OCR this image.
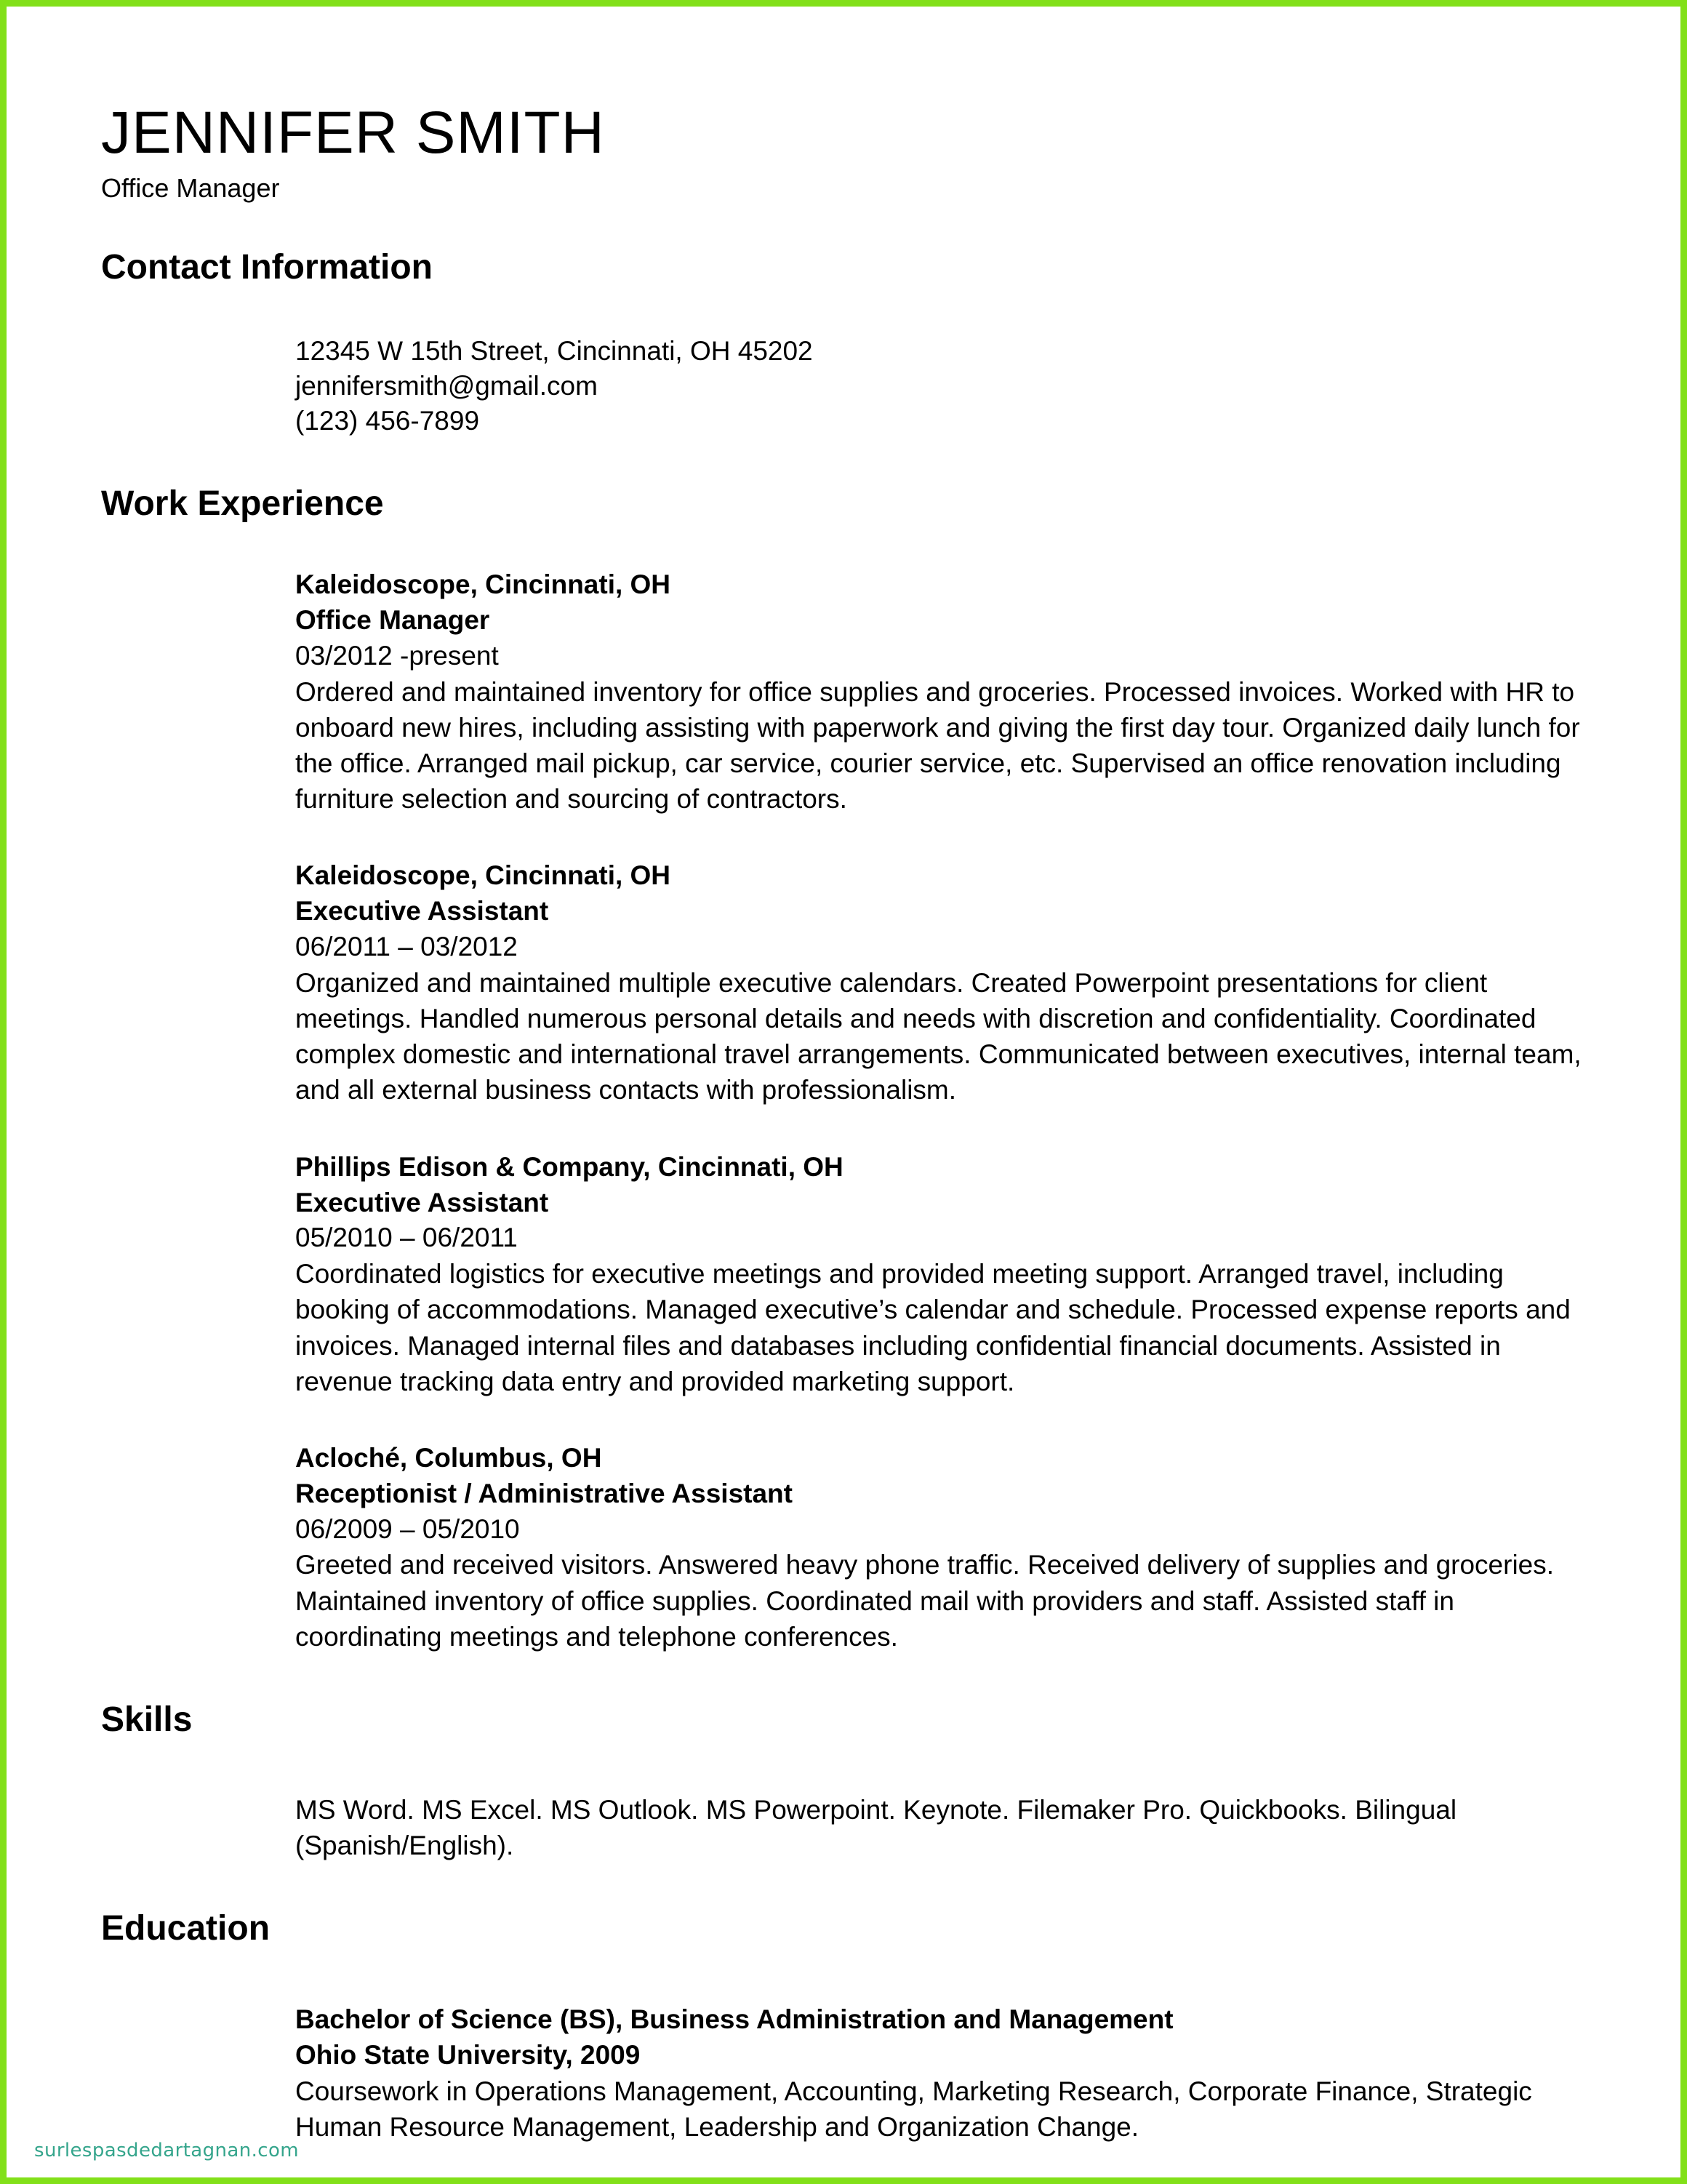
JENNIFER SMITH
Office Manager
Contact Information
12345 W 15th Street, Cincinnati, OH 45202
jennifersmith@gmail.com
(123) 456-7899
Work Experience
Kaleidoscope, Cincinnati, OH
Office Manager
03/2012 -present
Ordered and maintained inventory for office supplies and groceries. Processed invoices. Worked with HR to onboard new hires, including assisting with paperwork and giving the first day tour. Organized daily lunch for the office. Arranged mail pickup, car service, courier service, etc. Supervised an office renovation including furniture selection and sourcing of contractors.
Kaleidoscope, Cincinnati, OH
Executive Assistant
06/2011 – 03/2012
Organized and maintained multiple executive calendars. Created Powerpoint presentations for client meetings. Handled numerous personal details and needs with discretion and confidentiality. Coordinated complex domestic and international travel arrangements. Communicated between executives, internal team, and all external business contacts with professionalism.
Phillips Edison & Company, Cincinnati, OH
Executive Assistant
05/2010 – 06/2011
Coordinated logistics for executive meetings and provided meeting support. Arranged travel, including booking of accommodations. Managed executive’s calendar and schedule. Processed expense reports and invoices. Managed internal files and databases including confidential financial documents. Assisted in revenue tracking data entry and provided marketing support.
Acloché, Columbus, OH
Receptionist / Administrative Assistant
06/2009 – 05/2010
Greeted and received visitors. Answered heavy phone traffic. Received delivery of supplies and groceries. Maintained inventory of office supplies. Coordinated mail with providers and staff. Assisted staff in coordinating meetings and telephone conferences.
Skills
MS Word. MS Excel. MS Outlook. MS Powerpoint. Keynote. Filemaker Pro. Quickbooks. Bilingual (Spanish/English).
Education
Bachelor of Science (BS), Business Administration and Management
Ohio State University, 2009
Coursework in Operations Management, Accounting, Marketing Research, Corporate Finance, Strategic Human Resource Management, Leadership and Organization Change.
surlespasdedartagnan.com
